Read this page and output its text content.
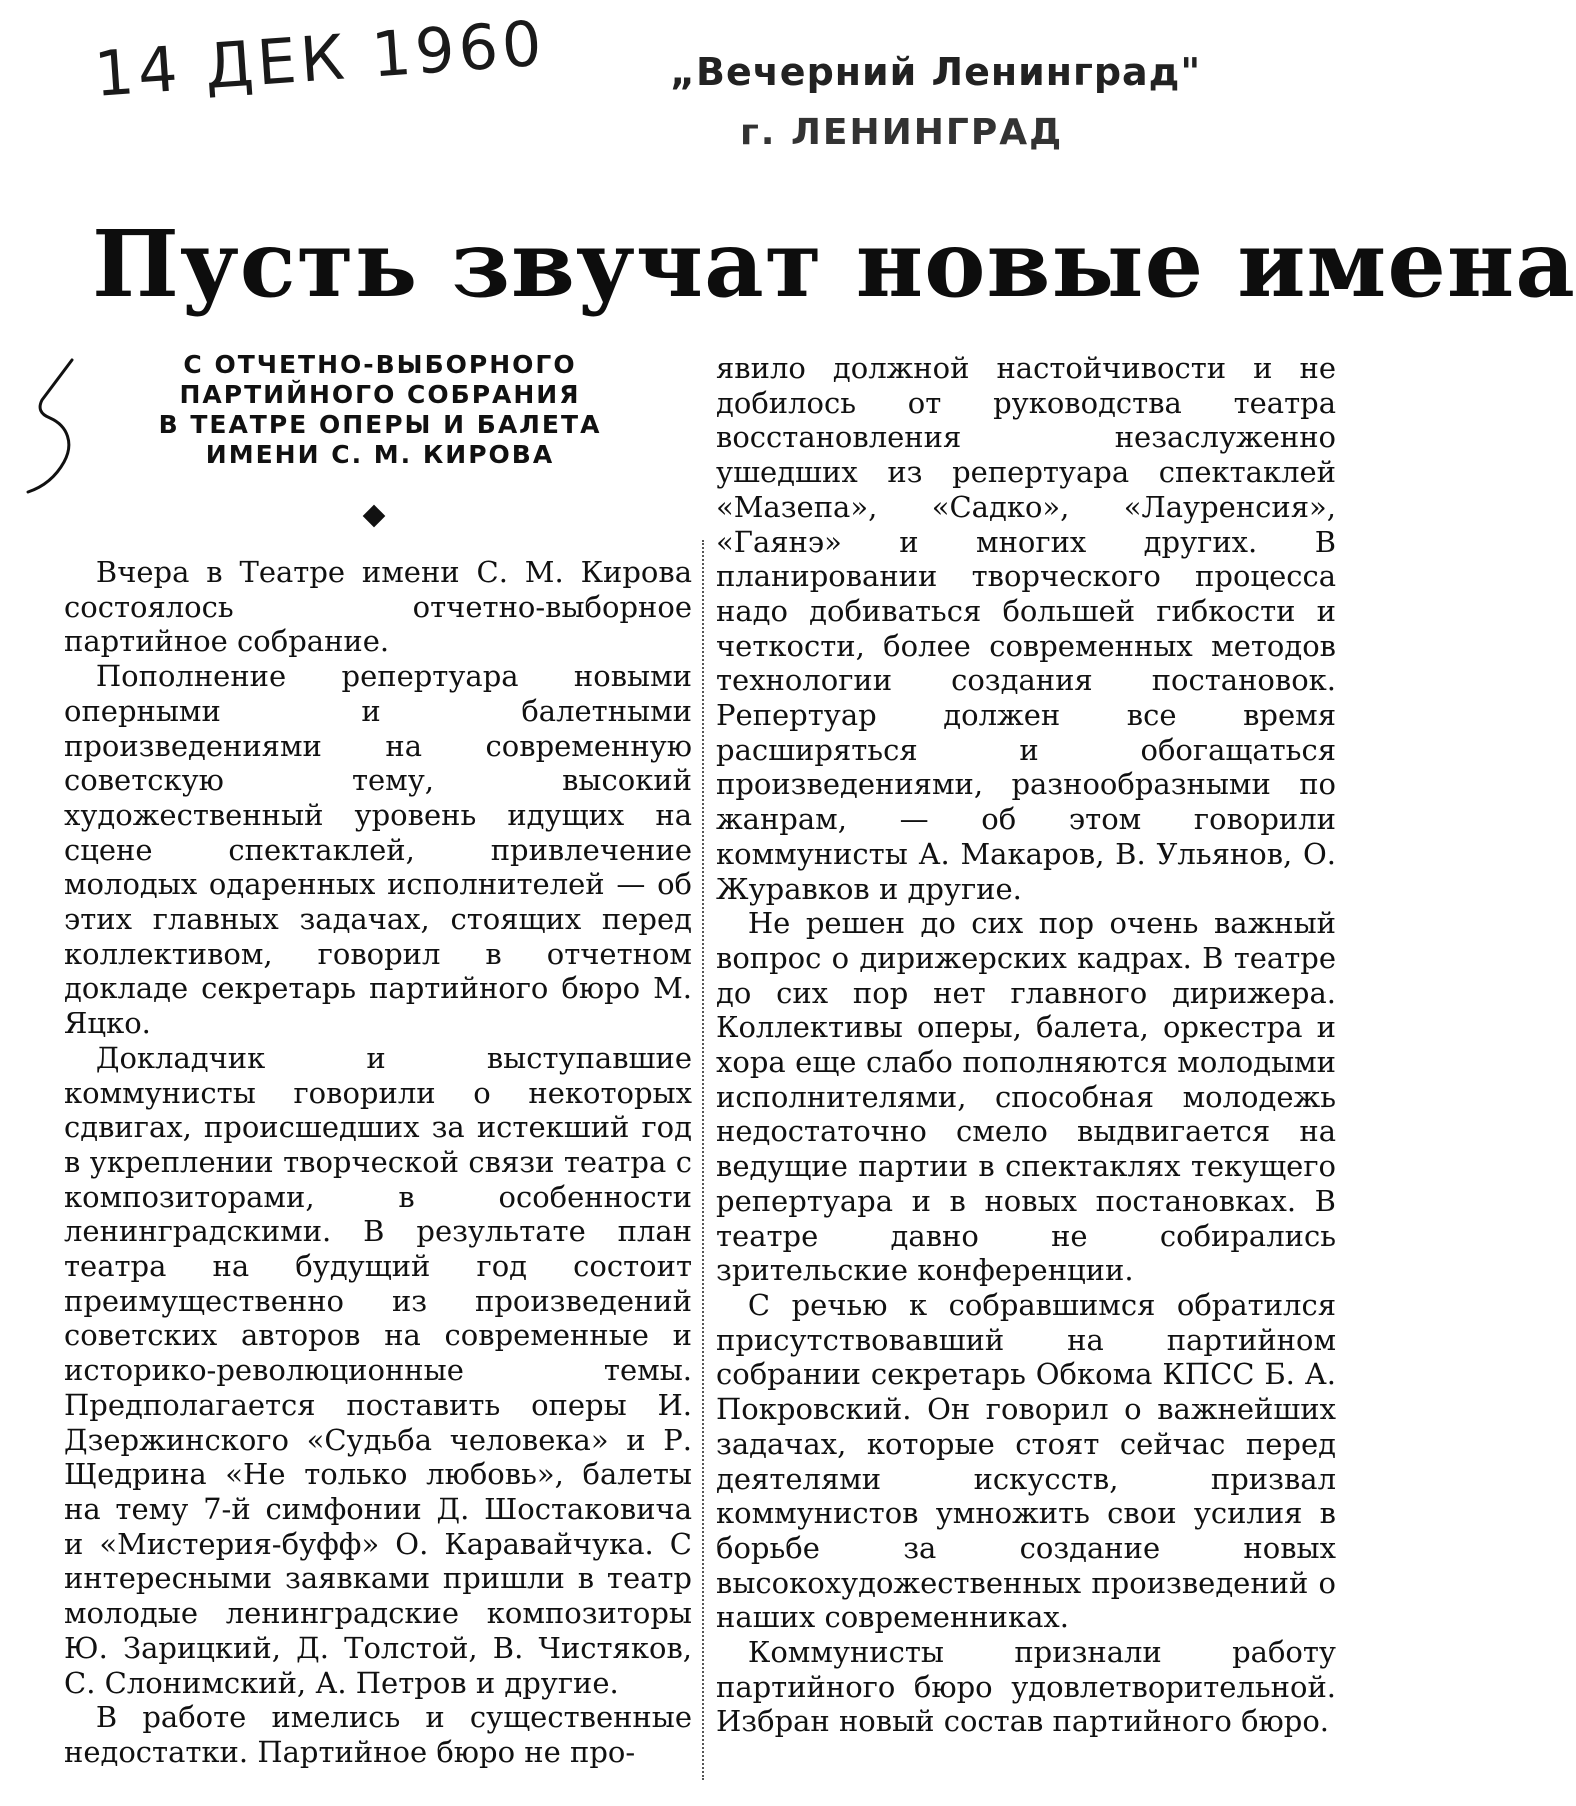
14 ДЕК 1960	„Вечерний Ленинград"
г. ЛЕНИНГРАД
Пусть звучат новые имена
С ОТЧЕТНО-ВЫБОРНОГО
ПАРТИЙНОГО СОБРАНИЯ
В ТЕАТРЕ ОПЕРЫ И БАЛЕТА
ИМЕНИ С. М. КИРОВА

Вчера в Театре имени С. М. Кирова состоялось отчетно-выборное партийное собрание.

Пополнение репертуара новыми оперными и балетными произведениями на современную советскую тему, высокий художественный уровень идущих на сцене спектаклей, привлечение молодых одаренных исполнителей — об этих главных задачах, стоящих перед коллективом, говорил в отчетном докладе секретарь партийного бюро М. Яцко.

Докладчик и выступавшие коммунисты говорили о некоторых сдвигах, происшедших за истекший год в укреплении творческой связи театра с композиторами, в особенности ленинградскими. В результате план театра на будущий год состоит преимущественно из произведений советских авторов на современные и историко-революционные темы. Предполагается поставить оперы И. Дзержинского «Судьба человека» и Р. Щедрина «Не только любовь», балеты на тему 7-й симфонии Д. Шостаковича и «Мистерия-буфф» О. Каравайчука. С интересными заявками пришли в театр молодые ленинградские композиторы Ю. Зарицкий, Д. Толстой, В. Чистяков, С. Слонимский, А. Петров и другие.

В работе имелись и существенные недостатки. Партийное бюро не про-

явило должной настойчивости и не добилось от руководства театра восстановления незаслуженно ушедших из репертуара спектаклей «Мазепа», «Садко», «Лауренсия», «Гаянэ» и многих других. В планировании творческого процесса надо добиваться большей гибкости и четкости, более современных методов технологии создания постановок. Репертуар должен все время расширяться и обогащаться произведениями, разнообразными по жанрам, — об этом говорили коммунисты А. Макаров, В. Ульянов, О. Журавков и другие.

Не решен до сих пор очень важный вопрос о дирижерских кадрах. В театре до сих пор нет главного дирижера. Коллективы оперы, балета, оркестра и хора еще слабо пополняются молодыми исполнителями, способная молодежь недостаточно смело выдвигается на ведущие партии в спектаклях текущего репертуара и в новых постановках. В театре давно не собирались зрительские конференции.

С речью к собравшимся обратился присутствовавший на партийном собрании секретарь Обкома КПСС Б. А. Покровский. Он говорил о важнейших задачах, которые стоят сейчас перед деятелями искусств, призвал коммунистов умножить свои усилия в борьбе за создание новых высокохудожественных произведений о наших современниках.

Коммунисты признали работу партийного бюро удовлетворительной. Избран новый состав партийного бюро.
